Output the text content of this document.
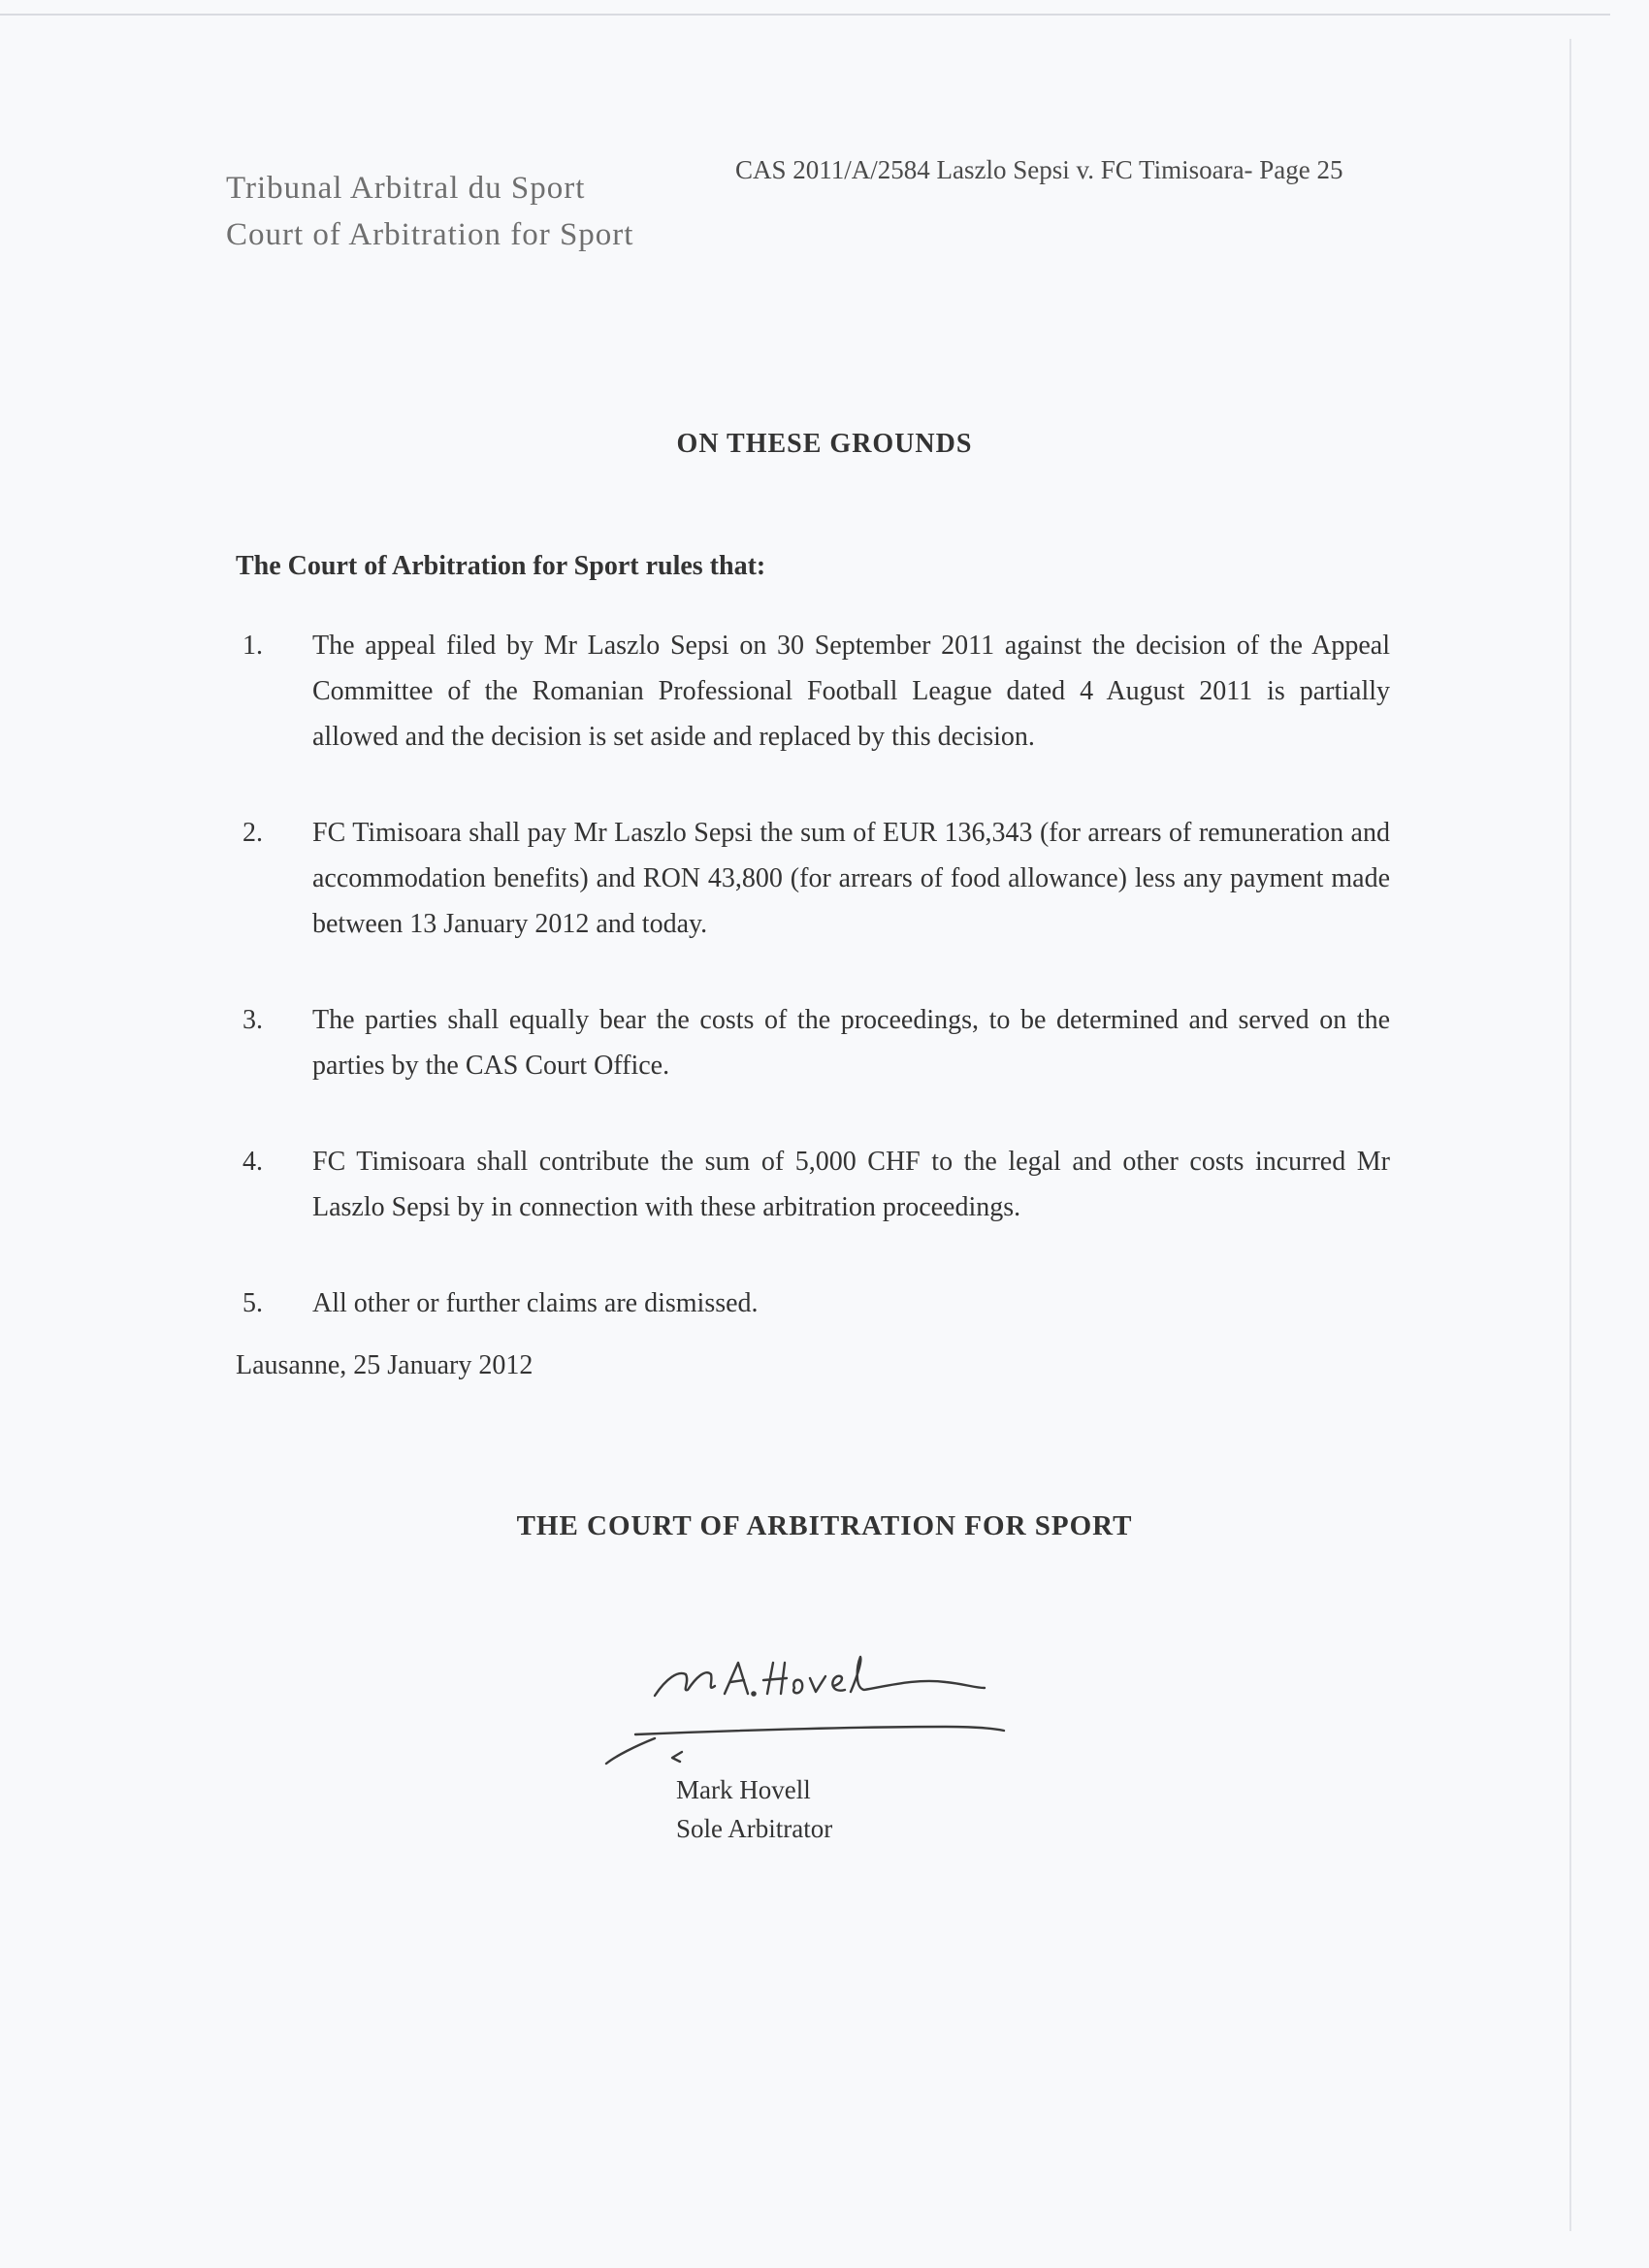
Tribunal Arbitral du Sport
Court of Arbitration for Sport
CAS 2011/A/2584 Laszlo Sepsi v. FC Timisoara- Page 25
ON THESE GROUNDS
The Court of Arbitration for Sport rules that:
1.	The appeal filed by Mr Laszlo Sepsi on 30 September 2011 against the decision of the Appeal Committee of the Romanian Professional Football League dated 4 August 2011 is partially allowed and the decision is set aside and replaced by this decision.
2.	FC Timisoara shall pay Mr Laszlo Sepsi the sum of EUR 136,343 (for arrears of remuneration and accommodation benefits) and RON 43,800 (for arrears of food allowance) less any payment made between 13 January 2012 and today.
3.	The parties shall equally bear the costs of the proceedings, to be determined and served on the parties by the CAS Court Office.
4.	FC Timisoara shall contribute the sum of 5,000 CHF to the legal and other costs incurred Mr Laszlo Sepsi by in connection with these arbitration proceedings.
5.	All other or further claims are dismissed.
Lausanne, 25 January 2012
THE COURT OF ARBITRATION FOR SPORT
Mark Hovell
Sole Arbitrator
